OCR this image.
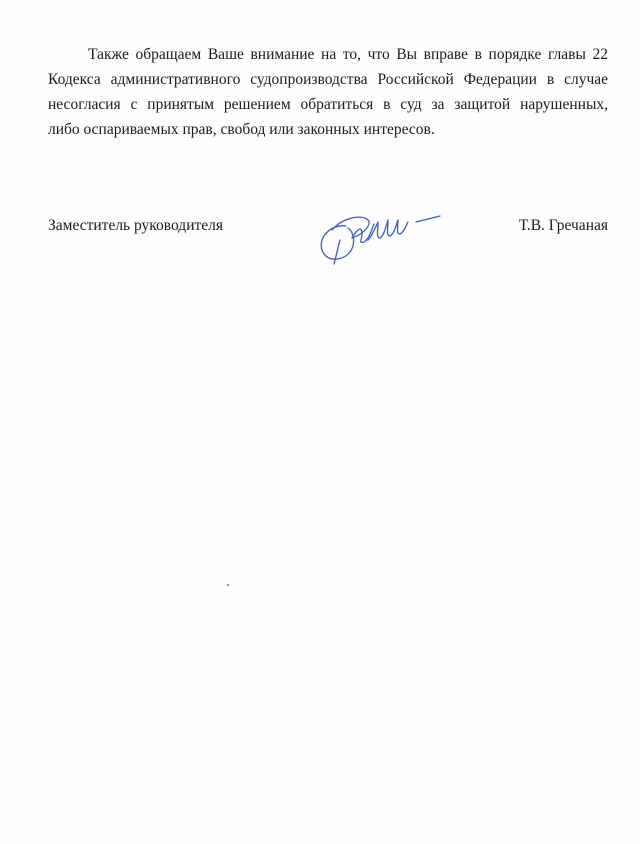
Также обращаем Ваше внимание на то, что Вы вправе в порядке главы 22
Кодекса административного судопроизводства Российской Федерации в случае
несогласия с принятым решением обратиться в суд за защитой нарушенных,
либо оспариваемых прав, свобод или законных интересов.

Заместитель руководителя	Т.В. Гречаная
